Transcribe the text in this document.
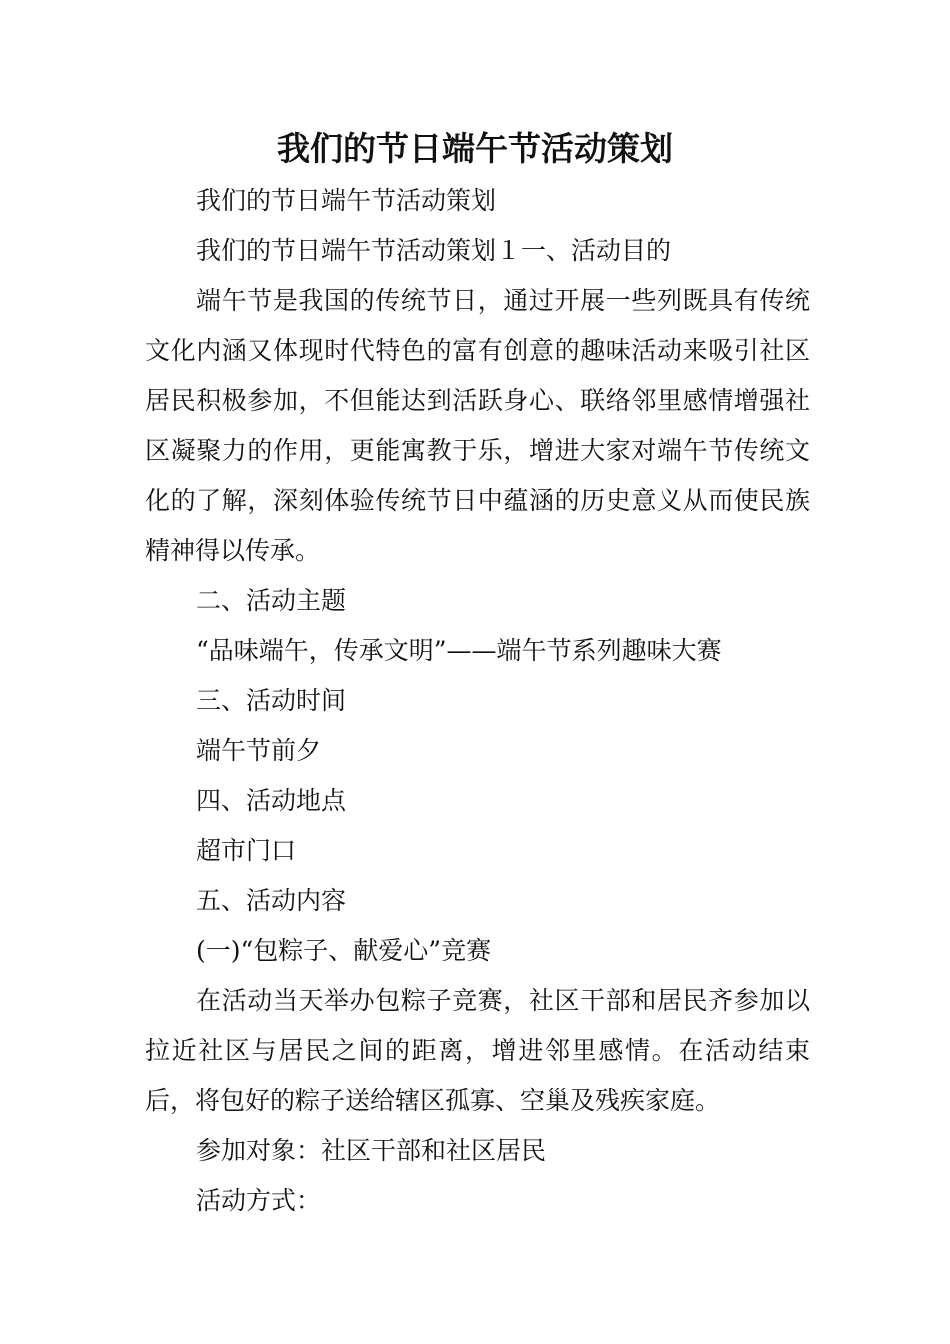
我们的节日端午节活动策划

我们的节日端午节活动策划

我们的节日端午节活动策划１一、活动目的

端午节是我国的传统节日，通过开展一些列既具有传统文化内涵又体现时代特色的富有创意的趣味活动来吸引社区居民积极参加，不但能达到活跃身心、联络邻里感情增强社区凝聚力的作用，更能寓教于乐，增进大家对端午节传统文化的了解，深刻体验传统节日中蕴涵的历史意义从而使民族精神得以传承。

二、活动主题

“品味端午，传承文明”——端午节系列趣味大赛

三、活动时间

端午节前夕

四、活动地点

超市门口

五、活动内容

(一)“包粽子、献爱心”竞赛

在活动当天举办包粽子竞赛，社区干部和居民齐参加以拉近社区与居民之间的距离，增进邻里感情。在活动结束后，将包好的粽子送给辖区孤寡、空巢及残疾家庭。

参加对象：社区干部和社区居民

活动方式：
